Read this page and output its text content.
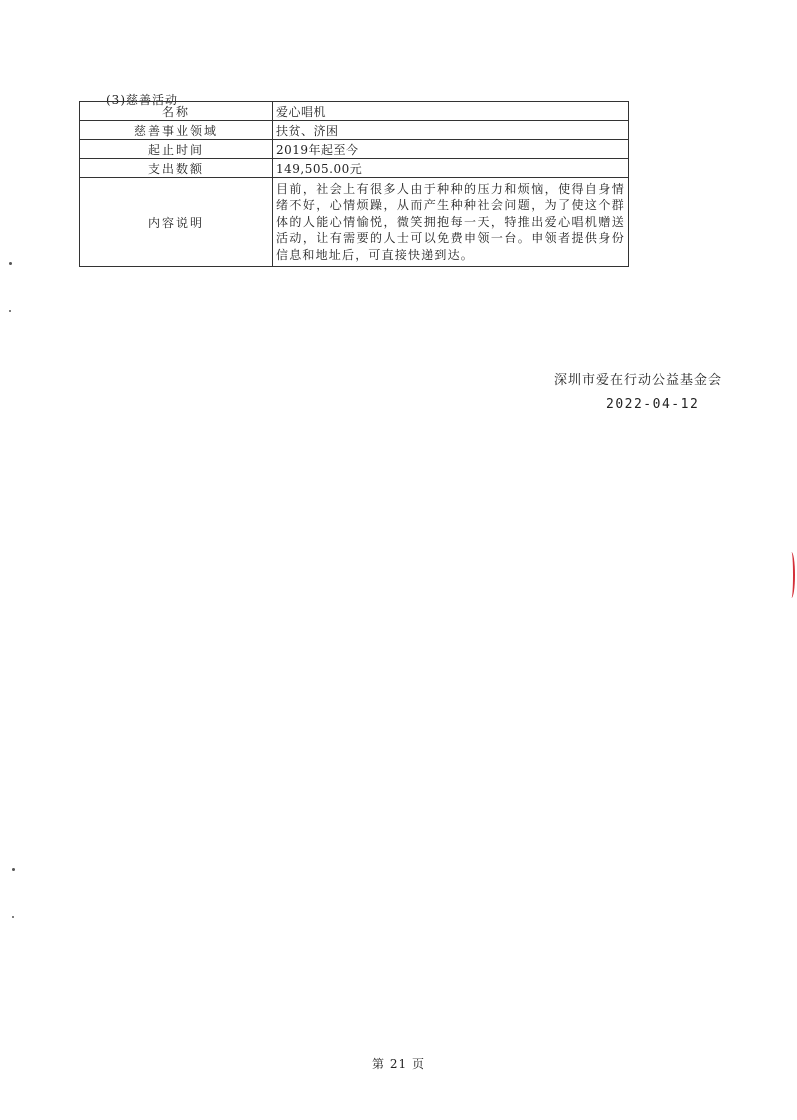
(3)慈善活动
名称	爱心唱机
慈善事业领域	扶贫、济困
起止时间	2019年起至今
支出数额	149,505.00元
内容说明	目前，社会上有很多人由于种种的压力和烦恼，使得自身情绪不好，心情烦躁，从而产生种种社会问题，为了使这个群体的人能心情愉悦，微笑拥抱每一天，特推出爱心唱机赠送活动，让有需要的人士可以免费申领一台。申领者提供身份信息和地址后，可直接快递到达。
深圳市爱在行动公益基金会
2022-04-12
第 21 页
